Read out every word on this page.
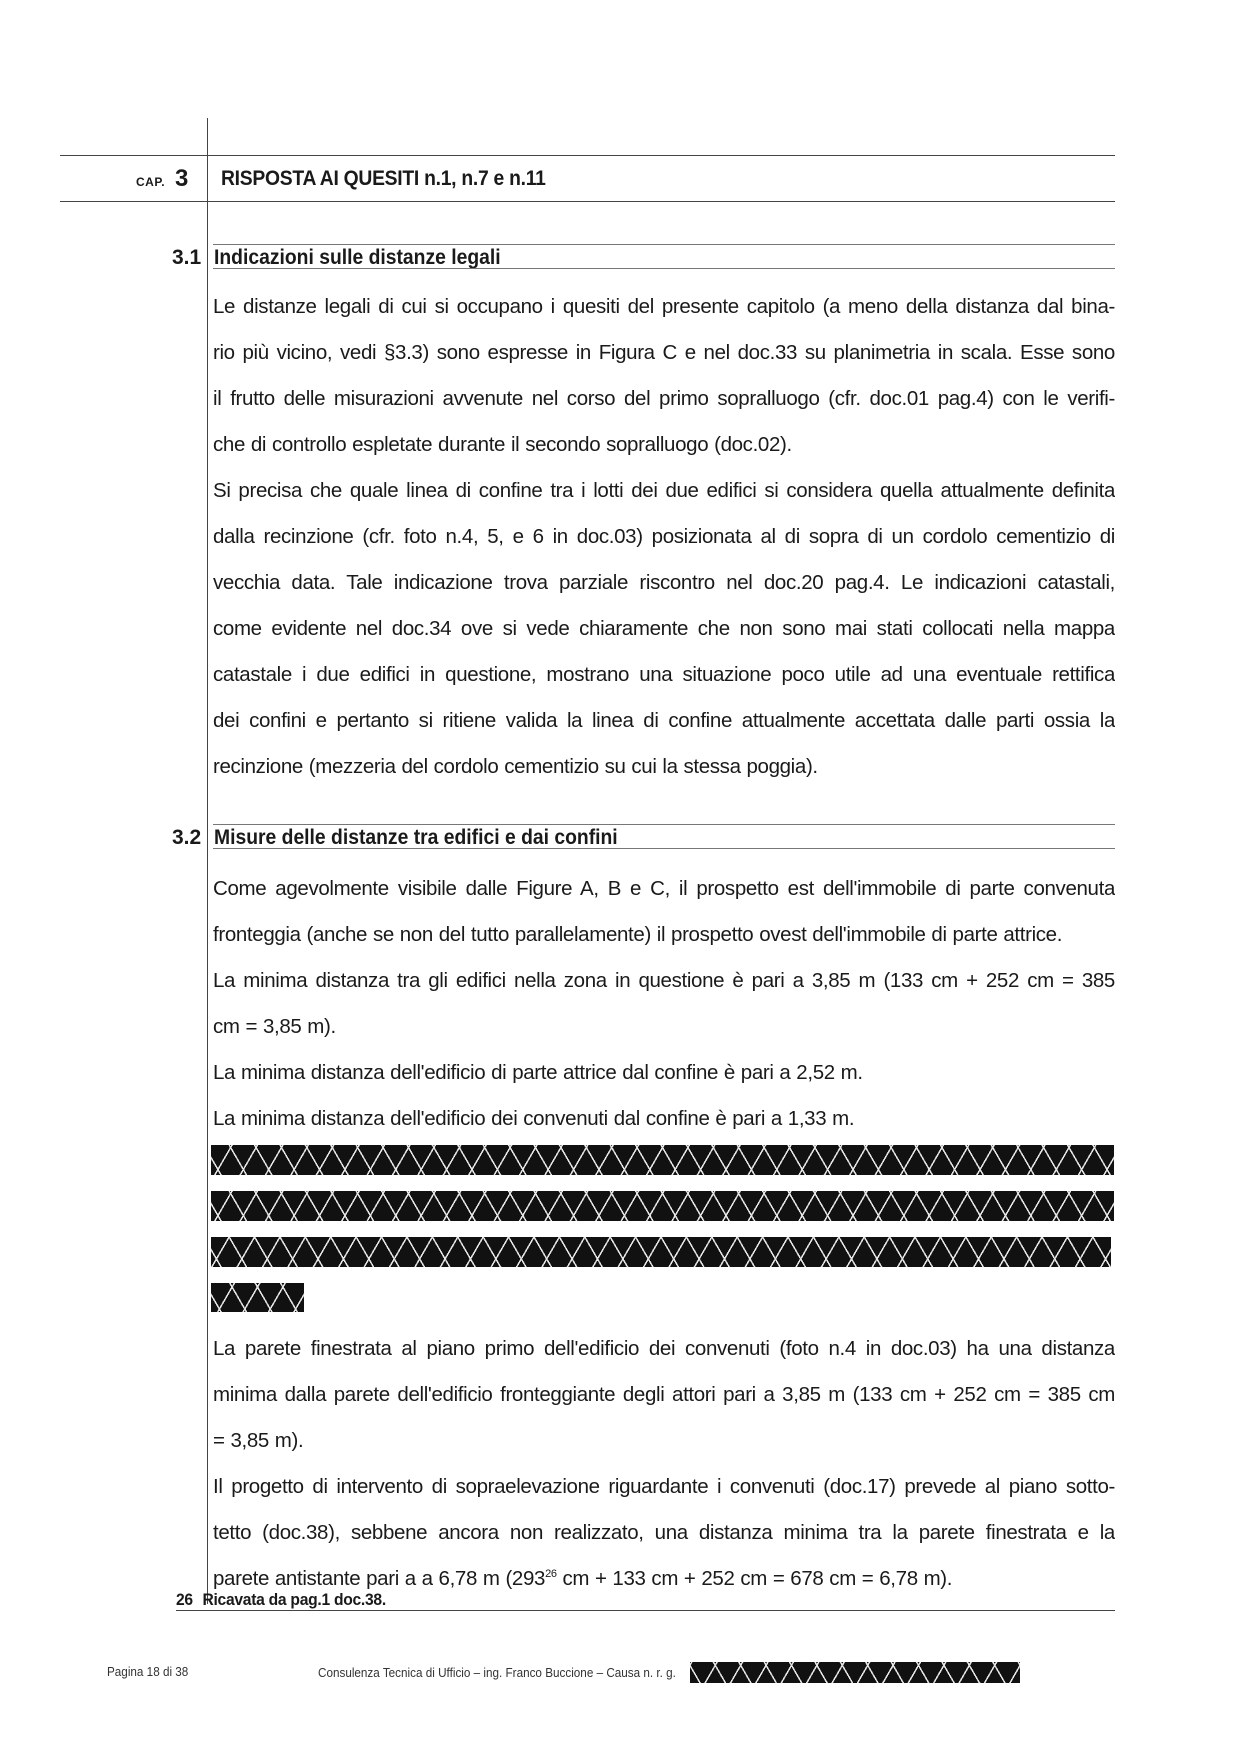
CAP. 3 RISPOSTA AI QUESITI n.1, n.7 e n.11
3.1 Indicazioni sulle distanze legali
Le distanze legali di cui si occupano i quesiti del presente capitolo (a meno della distanza dal bina-
rio più vicino, vedi §3.3) sono espresse in Figura C e nel doc.33 su planimetria in scala. Esse sono
il frutto delle misurazioni avvenute nel corso del primo sopralluogo (cfr. doc.01 pag.4) con le verifi-
che di controllo espletate durante il secondo sopralluogo (doc.02).
Si precisa che quale linea di confine tra i lotti dei due edifici si considera quella attualmente definita
dalla recinzione (cfr. foto n.4, 5, e 6 in doc.03) posizionata al di sopra di un cordolo cementizio di
vecchia data. Tale indicazione trova parziale riscontro nel doc.20 pag.4. Le indicazioni catastali,
come evidente nel doc.34 ove si vede chiaramente che non sono mai stati collocati nella mappa
catastale i due edifici in questione, mostrano una situazione poco utile ad una eventuale rettifica
dei confini e pertanto si ritiene valida la linea di confine attualmente accettata dalle parti ossia la
recinzione (mezzeria del cordolo cementizio su cui la stessa poggia).
3.2 Misure delle distanze tra edifici e dai confini
Come agevolmente visibile dalle Figure A, B e C, il prospetto est dell'immobile di parte convenuta
fronteggia (anche se non del tutto parallelamente) il prospetto ovest dell'immobile di parte attrice.
La minima distanza tra gli edifici nella zona in questione è pari a 3,85 m (133 cm + 252 cm = 385
cm = 3,85 m).
La minima distanza dell'edificio di parte attrice dal confine è pari a 2,52 m.
La minima distanza dell'edificio dei convenuti dal confine è pari a 1,33 m.
La parete finestrata al piano primo dell'edificio dei convenuti (foto n.4 in doc.03) ha una distanza
minima dalla parete dell'edificio fronteggiante degli attori pari a 3,85 m (133 cm + 252 cm = 385 cm
= 3,85 m).
Il progetto di intervento di sopraelevazione riguardante i convenuti (doc.17) prevede al piano sotto-
tetto (doc.38), sebbene ancora non realizzato, una distanza minima tra la parete finestrata e la
parete antistante pari a a 6,78 m ($293^{26}$ cm + 133 cm + 252 cm = 678 cm = 6,78 m).
26 Ricavata da pag.1 doc.38.
Pagina 18 di 38	Consulenza Tecnica di Ufficio – ing. Franco Buccione – Causa n. r. g.
